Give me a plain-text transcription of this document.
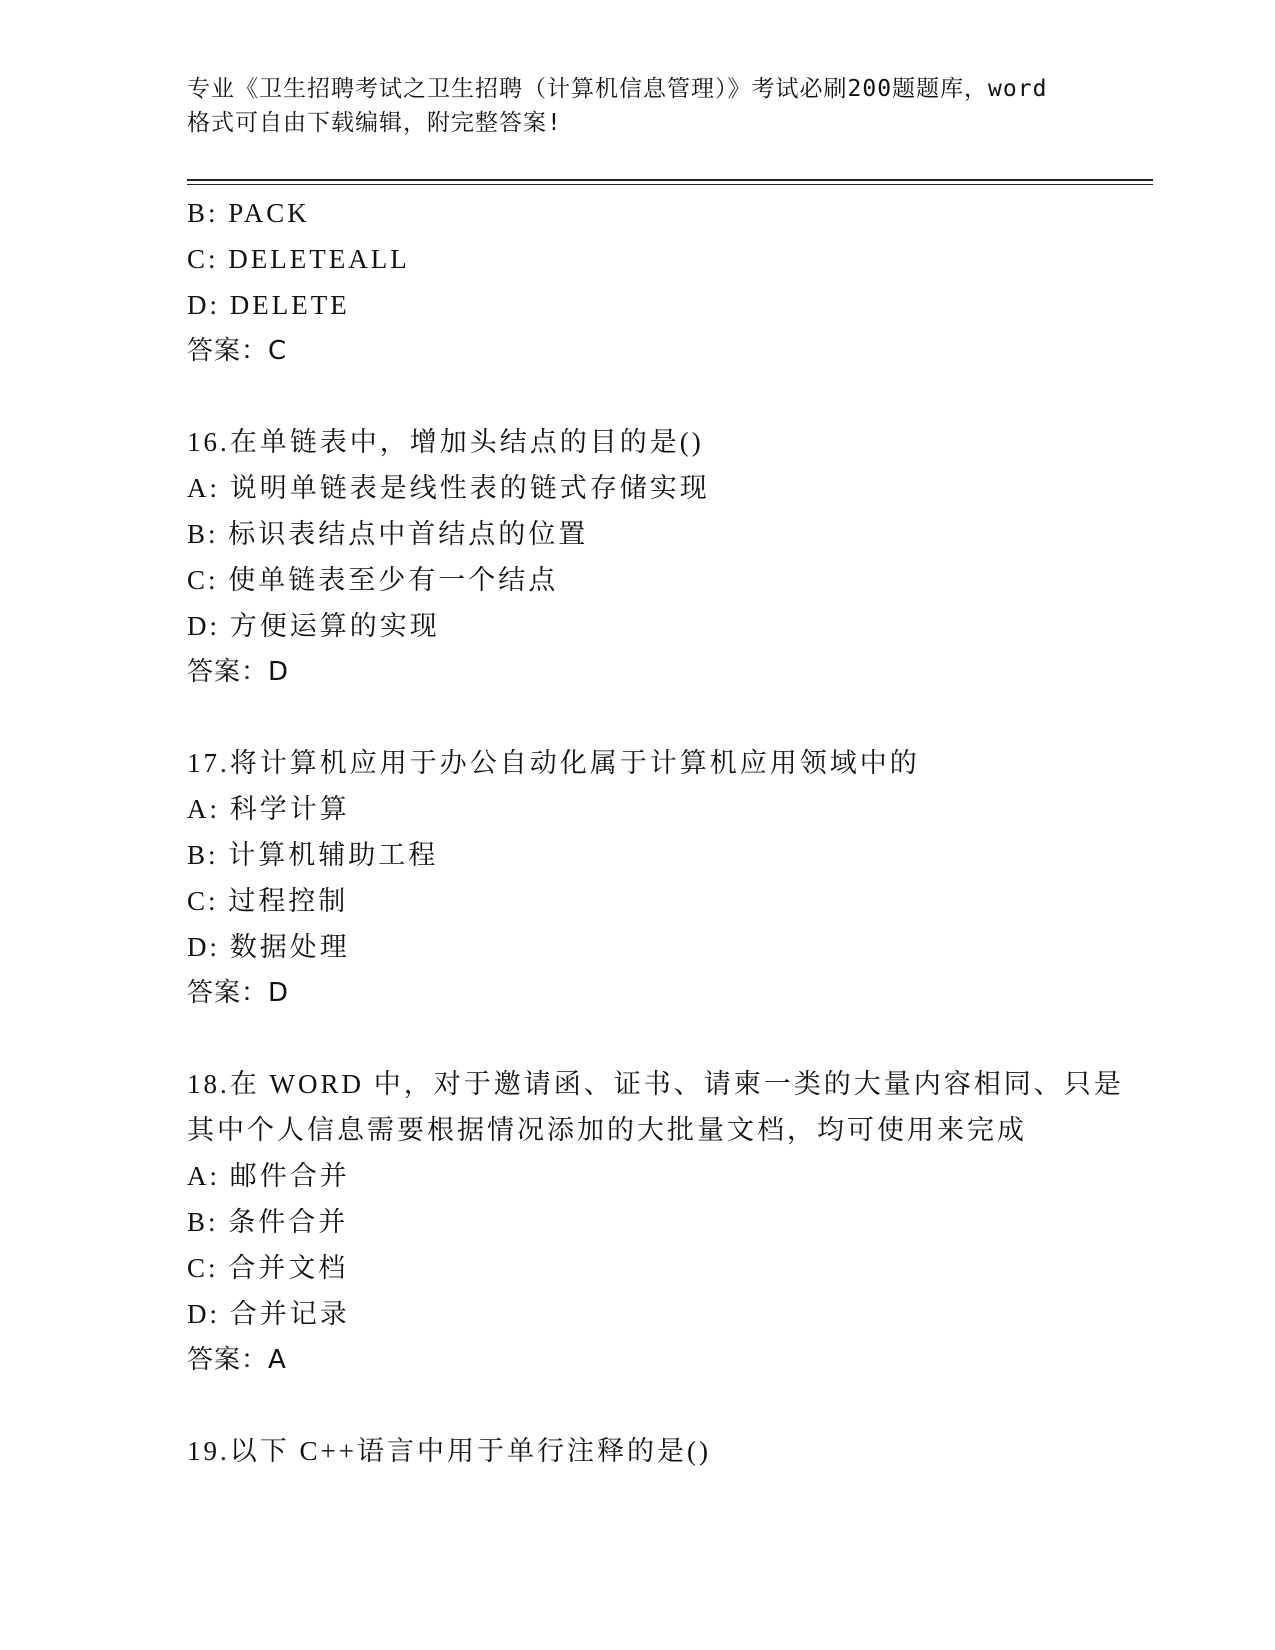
专业《卫生招聘考试之卫生招聘（计算机信息管理）》考试必刷200题题库，word
格式可自由下载编辑，附完整答案!
B: PACK
C: DELETEALL
D: DELETE
答案：C
16.在单链表中，增加头结点的目的是()
A: 说明单链表是线性表的链式存储实现
B: 标识表结点中首结点的位置
C: 使单链表至少有一个结点
D: 方便运算的实现
答案：D
17.将计算机应用于办公自动化属于计算机应用领域中的
A: 科学计算
B: 计算机辅助工程
C: 过程控制
D: 数据处理
答案：D
18.在 WORD 中，对于邀请函、证书、请柬一类的大量内容相同、只是
其中个人信息需要根据情况添加的大批量文档，均可使用来完成
A: 邮件合并
B: 条件合并
C: 合并文档
D: 合并记录
答案：A
19.以下 C++语言中用于单行注释的是()
